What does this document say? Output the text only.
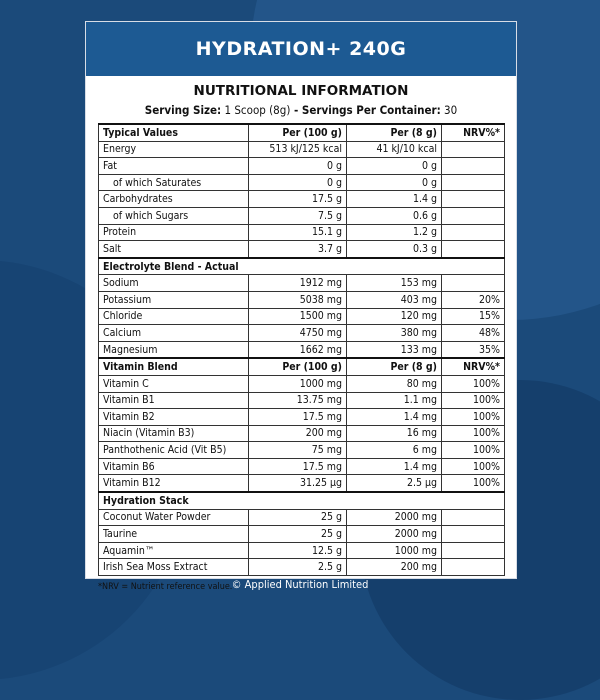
HYDRATION+ 240G
NUTRITIONAL INFORMATION
Serving Size: 1 Scoop (8g) - Servings Per Container: 30
Typical Values	Per (100 g)	Per (8 g)	NRV%*
Energy	513 kJ/125 kcal	41 kJ/10 kcal	
Fat	0 g	0 g	
of which Saturates	0 g	0 g	
Carbohydrates	17.5 g	1.4 g	
of which Sugars	7.5 g	0.6 g	
Protein	15.1 g	1.2 g	
Salt	3.7 g	0.3 g	
Electrolyte Blend - Actual			
Sodium	1912 mg	153 mg	
Potassium	5038 mg	403 mg	20%
Chloride	1500 mg	120 mg	15%
Calcium	4750 mg	380 mg	48%
Magnesium	1662 mg	133 mg	35%
Vitamin Blend	Per (100 g)	Per (8 g)	NRV%*
Vitamin C	1000 mg	80 mg	100%
Vitamin B1	13.75 mg	1.1 mg	100%
Vitamin B2	17.5 mg	1.4 mg	100%
Niacin (Vitamin B3)	200 mg	16 mg	100%
Panthothenic Acid (Vit B5)	75 mg	6 mg	100%
Vitamin B6	17.5 mg	1.4 mg	100%
Vitamin B12	31.25 µg	2.5 µg	100%
Hydration Stack			
Coconut Water Powder	25 g	2000 mg	
Taurine	25 g	2000 mg	
Aquamin™	12.5 g	1000 mg	
Irish Sea Moss Extract	2.5 g	200 mg	
*NRV = Nutrient reference value. © Applied Nutrition Limited
